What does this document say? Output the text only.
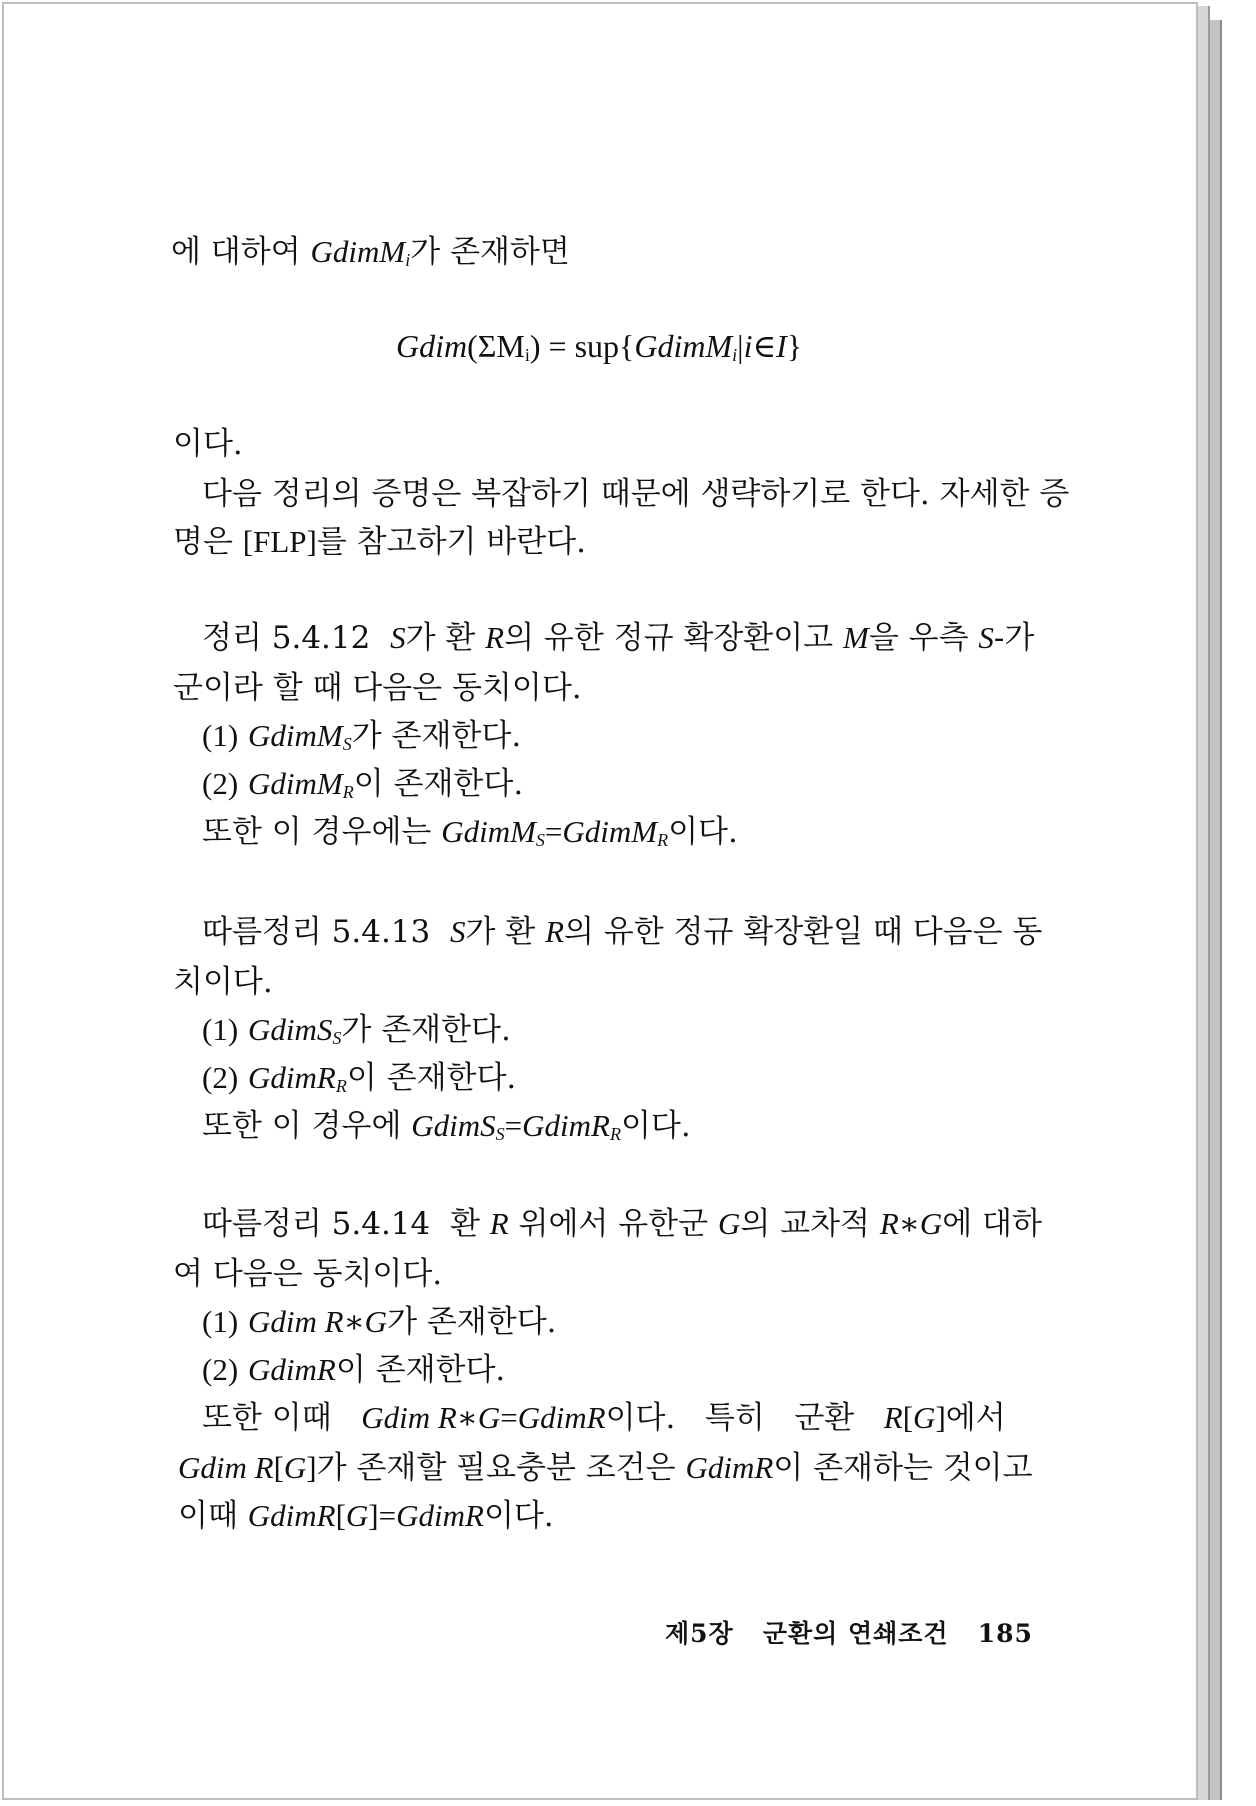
에 대하여 GdimM$_i$가 존재하면
$Gdim(\Sigma M_i)$ = sup{GdimM$_i$|i∈I}
이다.
다음 정리의 증명은 복잡하기 때문에 생략하기로 한다. 자세한 증
명은 [FLP]를 참고하기 바란다.
정리 5.4.12  S가 환 R의 유한 정규 확장환이고 M을 우측 S-가
군이라 할 때 다음은 동치이다.
(1) GdimM$_S$가 존재한다.
(2) GdimM$_R$이 존재한다.
또한 이 경우에는 GdimM$_S$=GdimM$_R$이다.
따름정리 5.4.13  S가 환 R의 유한 정규 확장환일 때 다음은 동
치이다.
(1) GdimS$_S$가 존재한다.
(2) GdimR$_R$이 존재한다.
또한 이 경우에 GdimS$_S$=GdimR$_R$이다.
따름정리 5.4.14  환 R 위에서 유한군 G의 교차적 R∗G에 대하
여 다음은 동치이다.
(1) Gdim R∗G가 존재한다.
(2) GdimR이 존재한다.
또한 이때   Gdim R∗G=GdimR이다.   특히   군환   R[G]에서
Gdim R[G]가 존재할 필요충분 조건은 GdimR이 존재하는 것이고
이때 GdimR[G]=GdimR이다.
제5장 군환의 연쇄조건 185
